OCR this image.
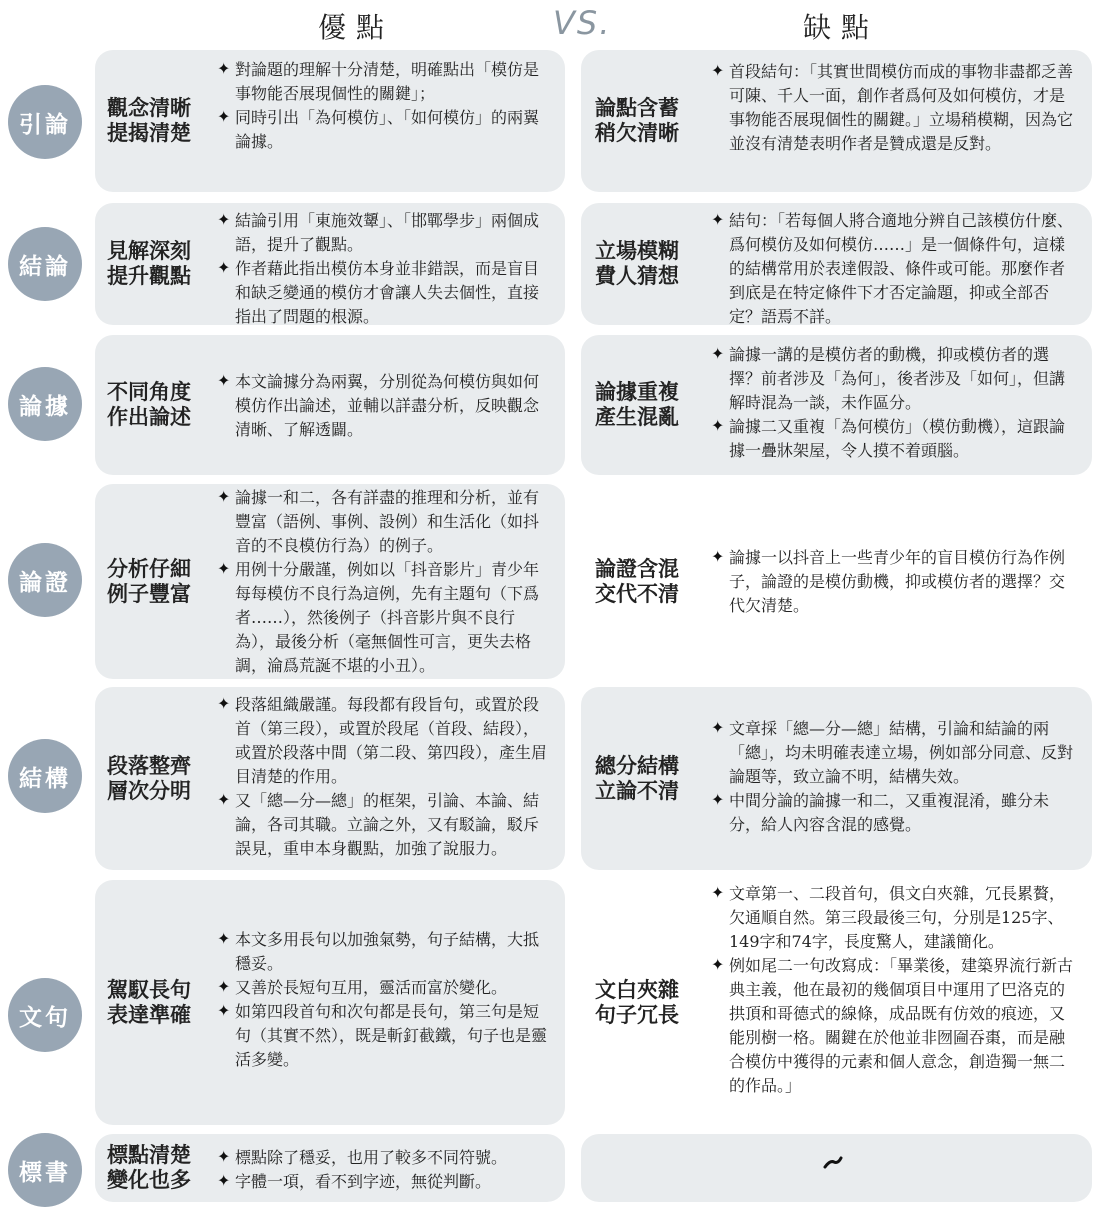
優點	VS.	缺點
引論
觀念清晰
提揭清楚
✦ 對論題的理解十分清楚，明確點出「模仿是事物能否展現個性的關鍵」；
✦ 同時引出「為何模仿」、「如何模仿」的兩翼論據。
論點含蓄
稍欠清晰
✦ 首段結句：「其實世間模仿而成的事物非盡都乏善可陳、千人一面，創作者爲何及如何模仿，才是事物能否展現個性的關鍵。」立場稍模糊，因為它並沒有清楚表明作者是贊成還是反對。
結論
見解深刻
提升觀點
✦ 結論引用「東施效顰」、「邯鄲學步」兩個成語，提升了觀點。
✦ 作者藉此指出模仿本身並非錯誤，而是盲目和缺乏變通的模仿才會讓人失去個性，直接指出了問題的根源。
立場模糊
費人猜想
✦ 結句：「若每個人將合適地分辨自己該模仿什麼、爲何模仿及如何模仿……」是一個條件句，這樣的結構常用於表達假設、條件或可能。那麼作者到底是在特定條件下才否定論題，抑或全部否定？語焉不詳。
論據
不同角度
作出論述
✦ 本文論據分為兩翼，分別從為何模仿與如何模仿作出論述，並輔以詳盡分析，反映觀念清晰、了解透闢。
論據重複
產生混亂
✦ 論據一講的是模仿者的動機，抑或模仿者的選擇？前者涉及「為何」，後者涉及「如何」，但講解時混為一談，未作區分。
✦ 論據二又重複「為何模仿」（模仿動機），這跟論據一疊牀架屋，令人摸不着頭腦。
論證
分析仔細
例子豐富
✦ 論據一和二，各有詳盡的推理和分析，並有豐富（語例、事例、設例）和生活化（如抖音的不良模仿行為）的例子。
✦ 用例十分嚴謹，例如以「抖音影片」青少年每每模仿不良行為這例，先有主題句（下爲者……），然後例子（抖音影片與不良行為），最後分析（毫無個性可言，更失去格調，淪爲荒誕不堪的小丑）。
論證含混
交代不清
✦ 論據一以抖音上一些青少年的盲目模仿行為作例子，論證的是模仿動機，抑或模仿者的選擇？交代欠清楚。
結構
段落整齊
層次分明
✦ 段落組織嚴謹。每段都有段旨句，或置於段首（第三段），或置於段尾（首段、結段），或置於段落中間（第二段、第四段），產生眉目清楚的作用。
✦ 又「總—分—總」的框架，引論、本論、結論，各司其職。立論之外，又有駁論，駁斥誤見，重申本身觀點，加強了說服力。
總分結構
立論不清
✦ 文章採「總—分—總」結構，引論和結論的兩「總」，均未明確表達立場，例如部分同意、反對論題等，致立論不明，結構失效。
✦ 中間分論的論據一和二，又重複混淆，雖分未分，給人內容含混的感覺。
文句
駕馭長句
表達準確
✦ 本文多用長句以加強氣勢，句子結構，大抵穩妥。
✦ 又善於長短句互用，靈活而富於變化。
✦ 如第四段首句和次句都是長句，第三句是短句（其實不然），既是斬釘截鐵，句子也是靈活多變。
文白夾雜
句子冗長
✦ 文章第一、二段首句，俱文白夾雜，冗長累贅，欠通順自然。第三段最後三句，分別是125字、149字和74字，長度驚人，建議簡化。
✦ 例如尾二一句改寫成：「畢業後，建築界流行新古典主義，他在最初的幾個項目中運用了巴洛克的拱頂和哥德式的線條，成品既有仿效的痕迹，又能別樹一格。關鍵在於他並非囫圇吞棗，而是融合模仿中獲得的元素和個人意念，創造獨一無二的作品。」
標書
標點清楚
變化也多
✦ 標點除了穩妥，也用了較多不同符號。
✦ 字體一項，看不到字迹，無從判斷。
